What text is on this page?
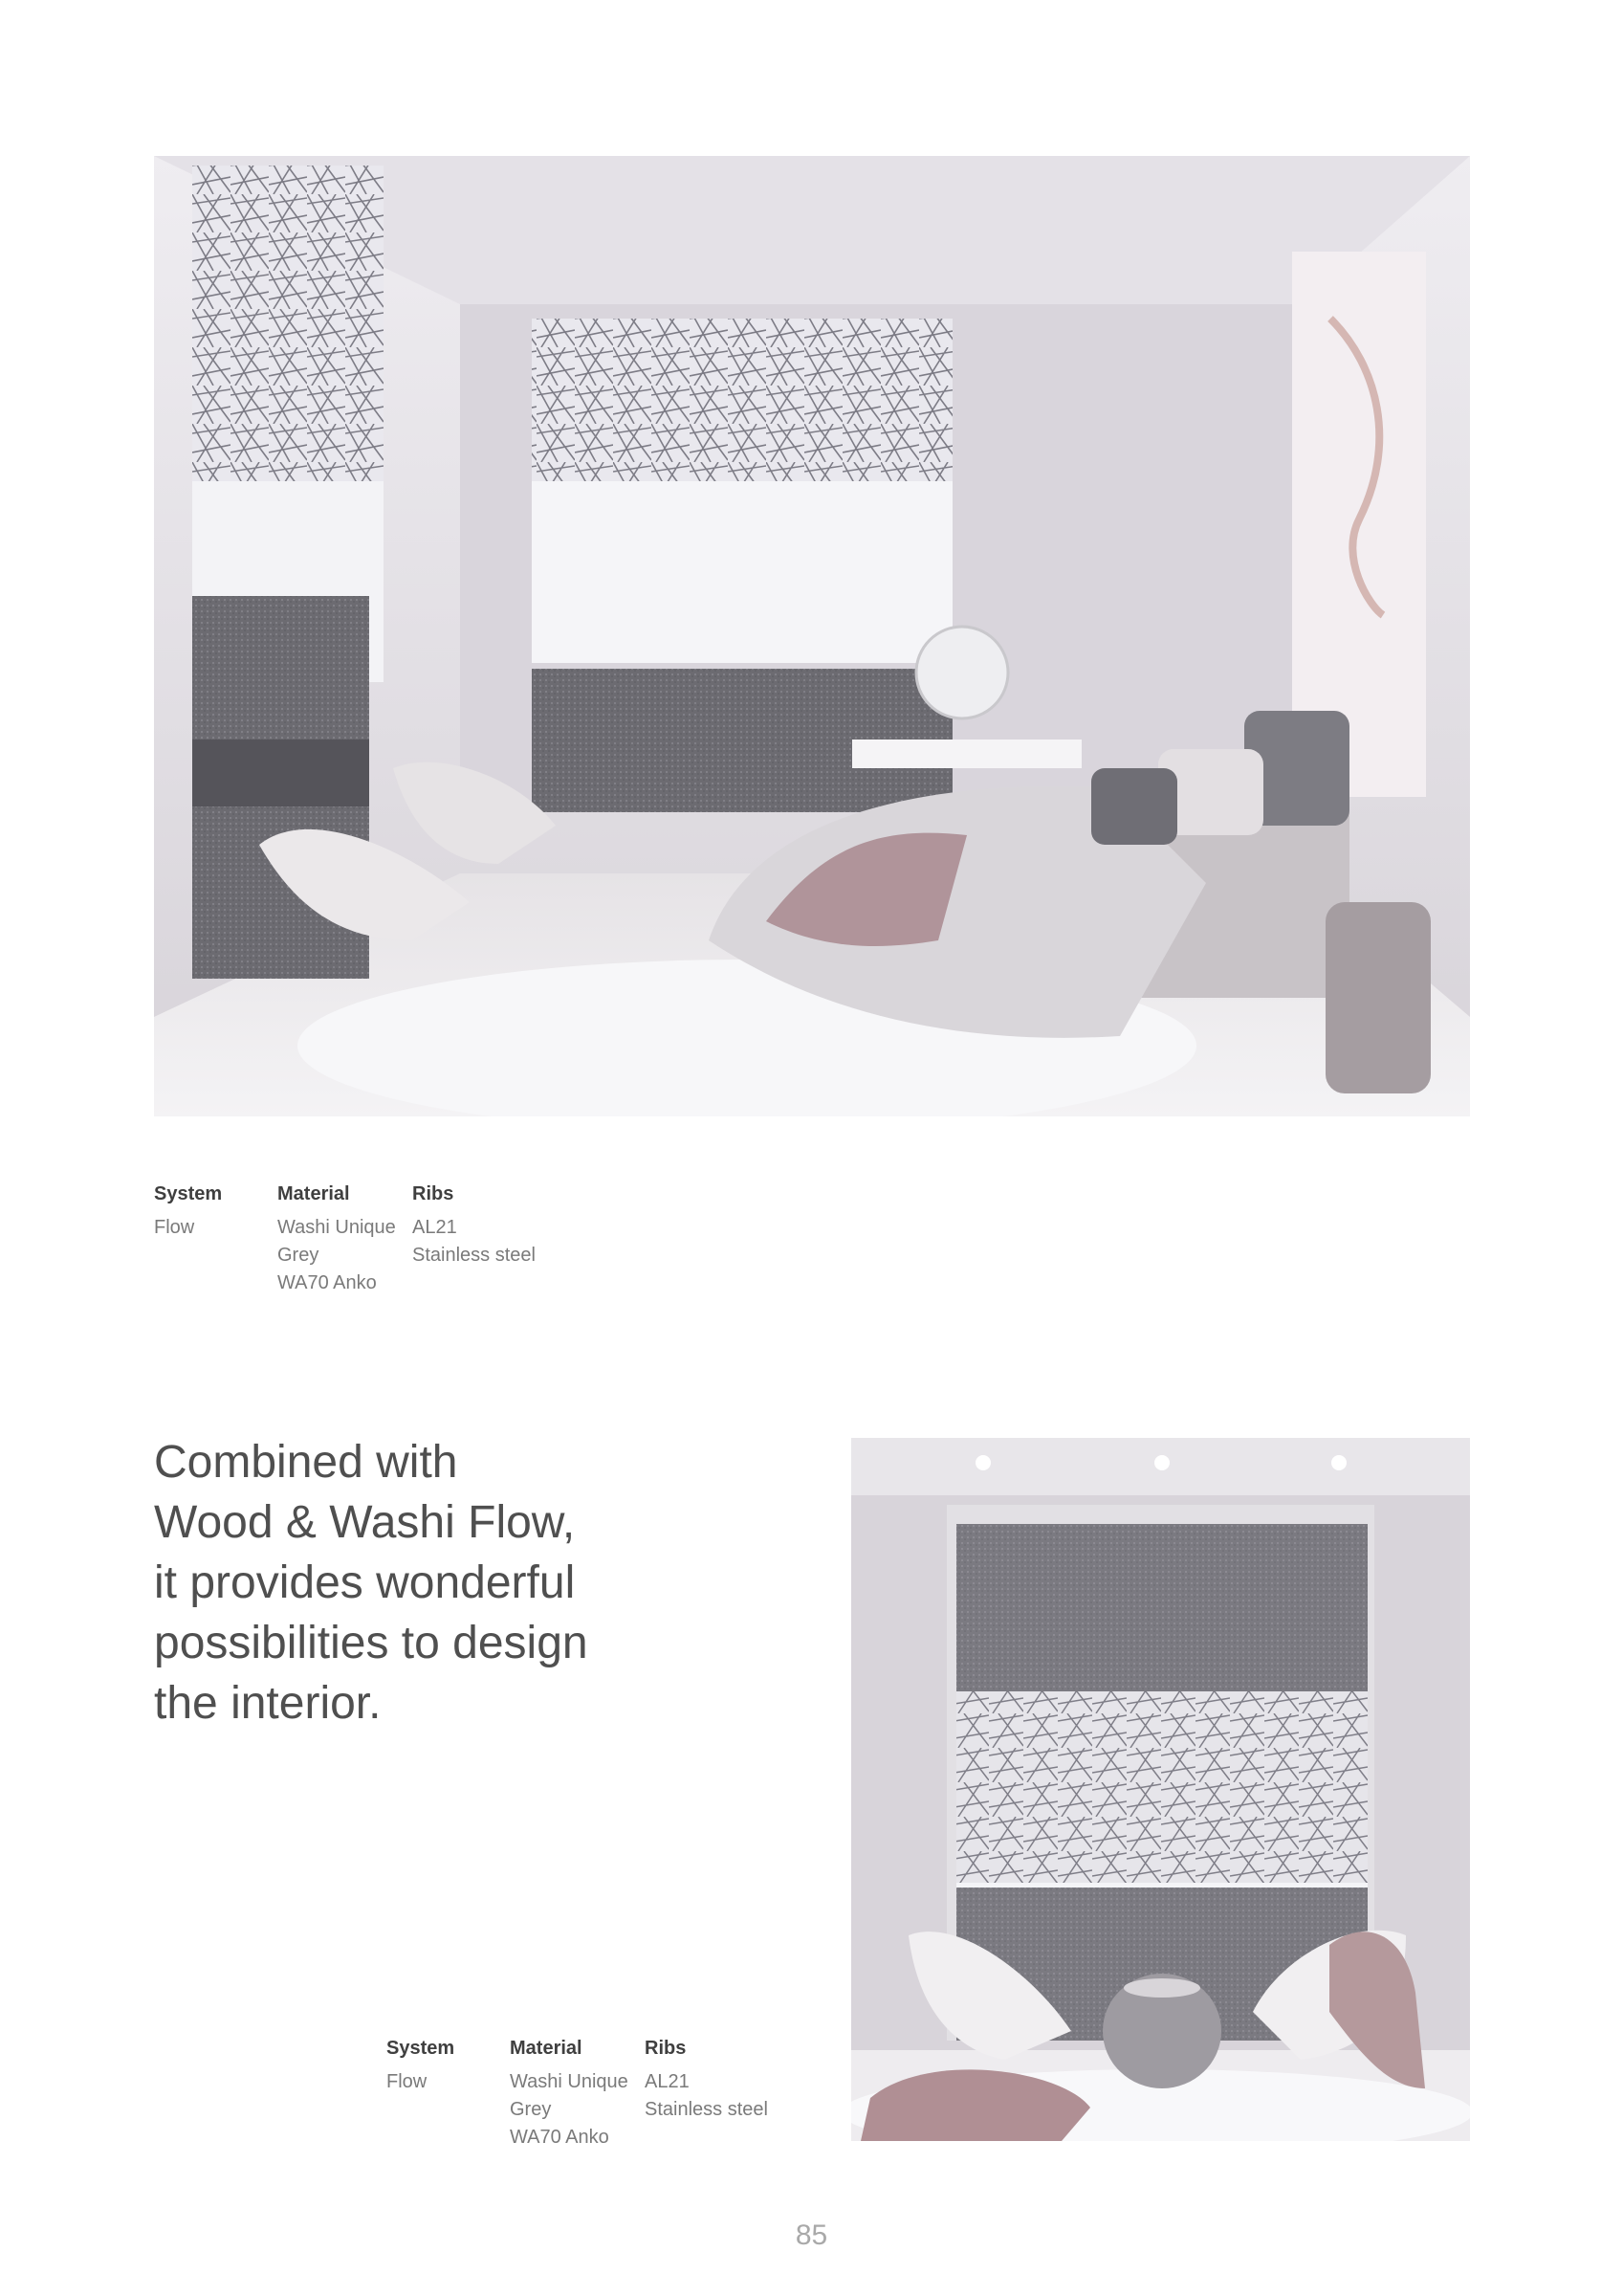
System
Flow
Material
Washi Unique
Grey
WA70 Anko
Ribs
AL21
Stainless steel
Combined with
Wood & Washi Flow,
it provides wonderful
possibilities to design
the interior.
System
Flow
Material
Washi Unique
Grey
WA70 Anko
Ribs
AL21
Stainless steel
85
